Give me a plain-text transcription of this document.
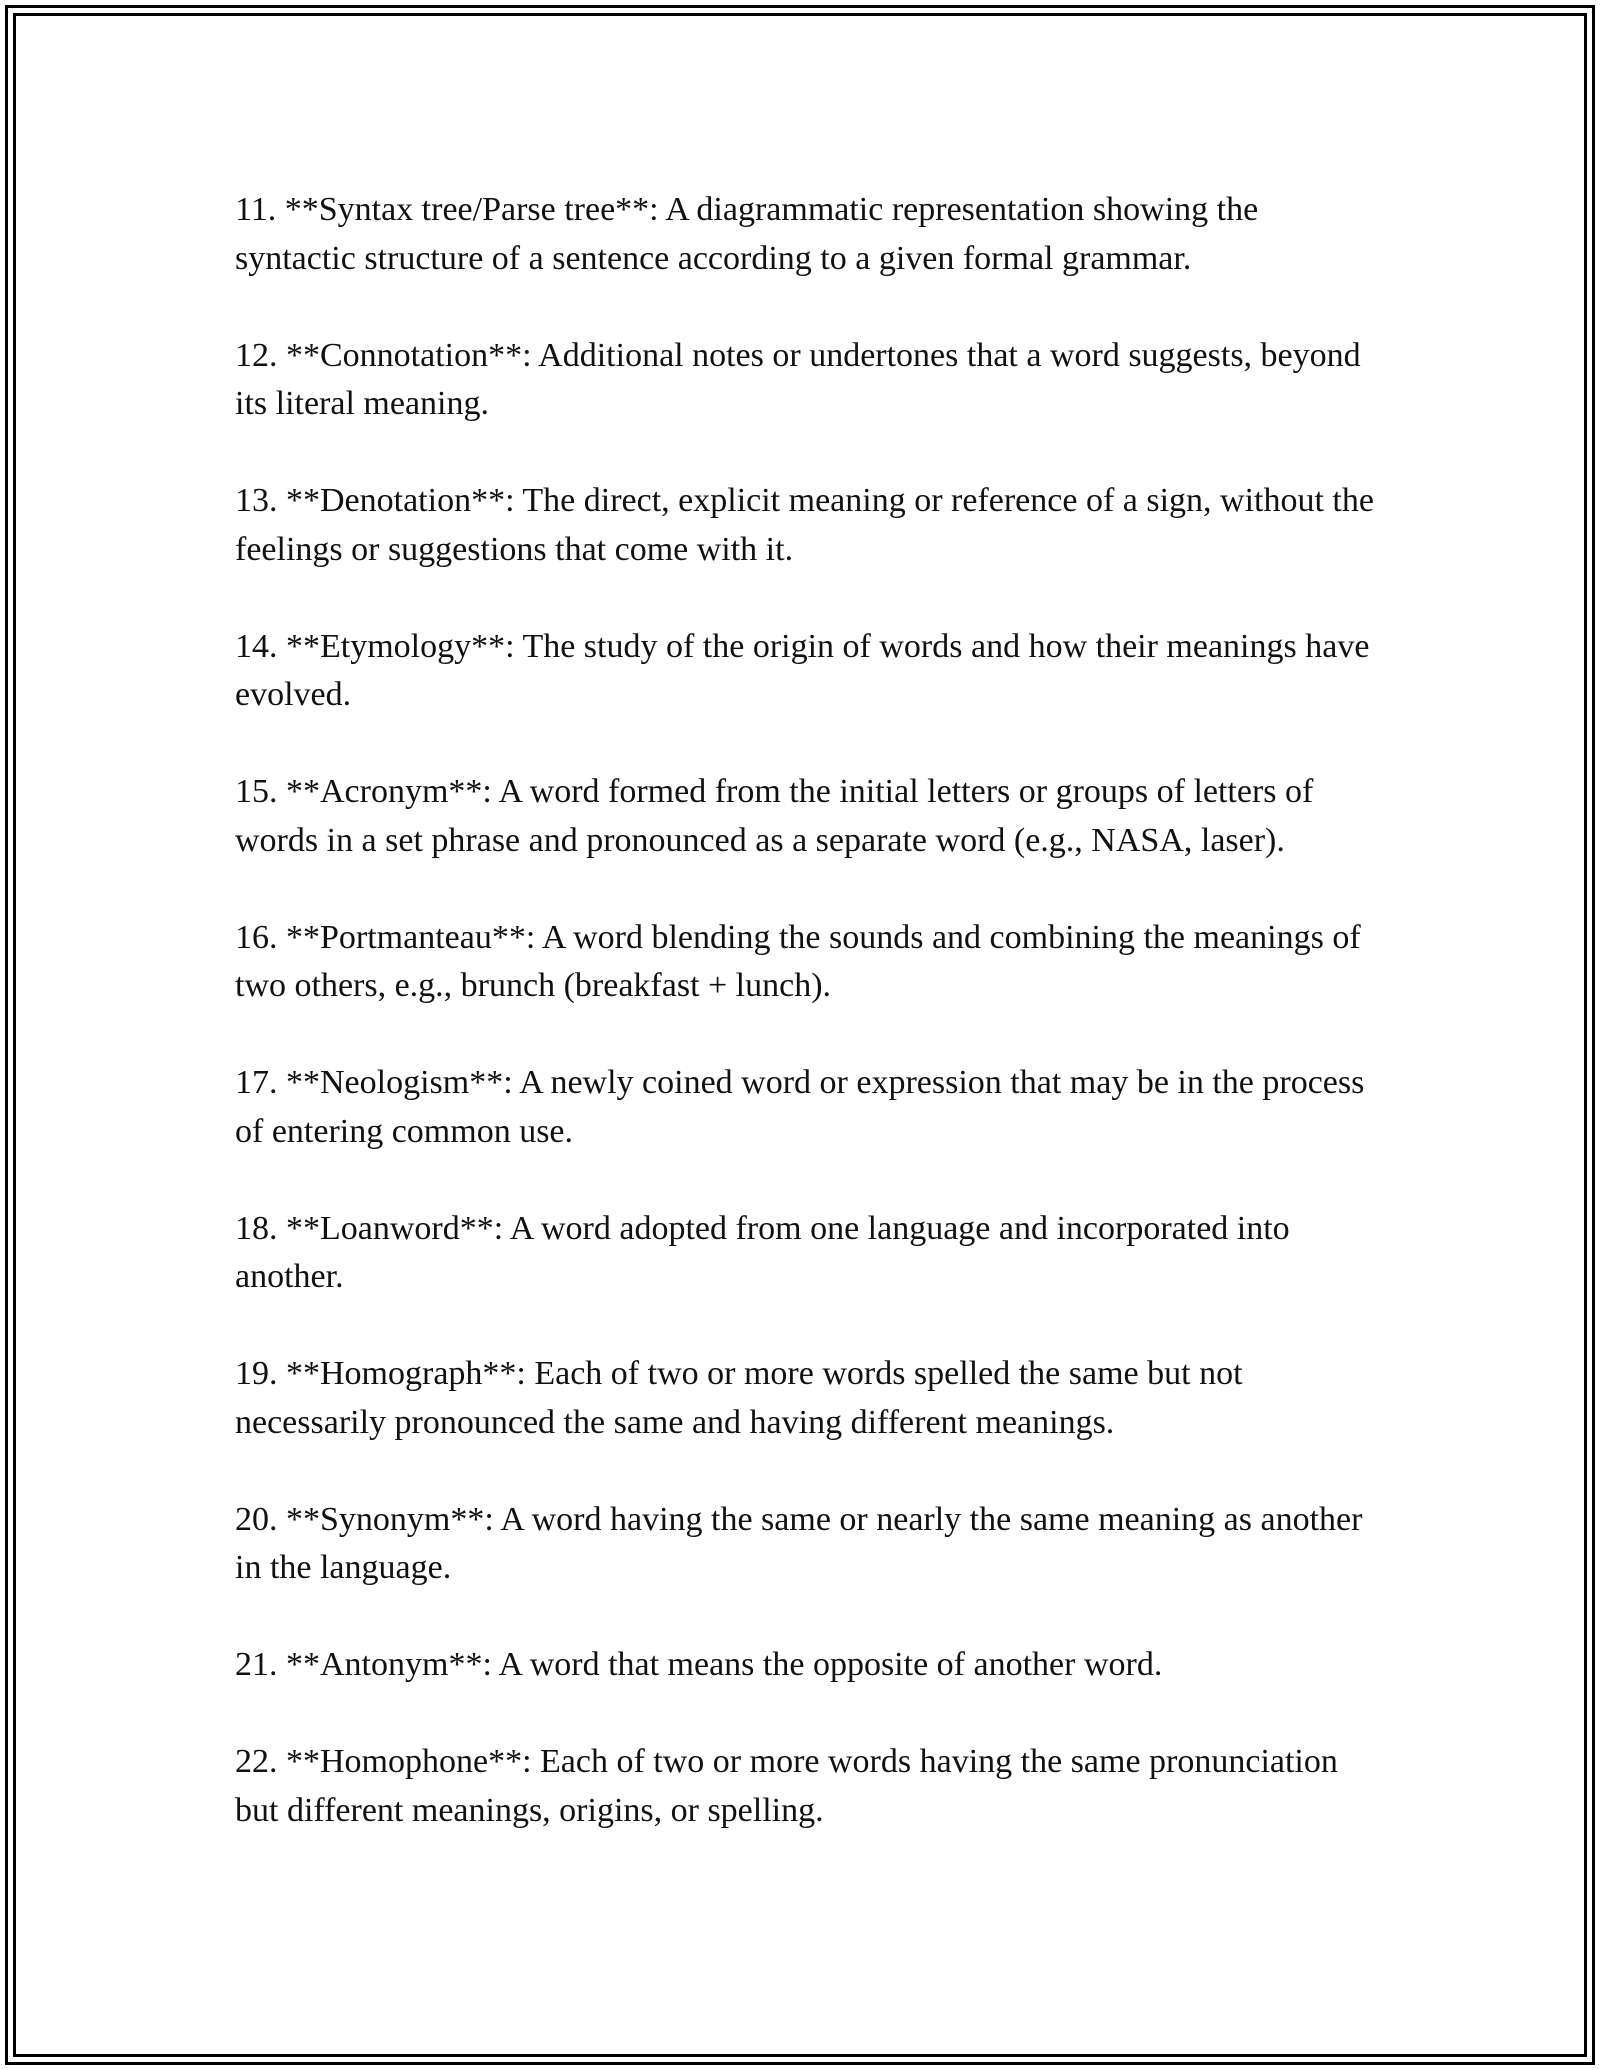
11. **Syntax tree/Parse tree**: A diagrammatic representation showing the syntactic structure of a sentence according to a given formal grammar.

12. **Connotation**: Additional notes or undertones that a word suggests, beyond its literal meaning.

13. **Denotation**: The direct, explicit meaning or reference of a sign, without the feelings or suggestions that come with it.

14. **Etymology**: The study of the origin of words and how their meanings have evolved.

15. **Acronym**: A word formed from the initial letters or groups of letters of words in a set phrase and pronounced as a separate word (e.g., NASA, laser).

16. **Portmanteau**: A word blending the sounds and combining the meanings of two others, e.g., brunch (breakfast + lunch).

17. **Neologism**: A newly coined word or expression that may be in the process of entering common use.

18. **Loanword**: A word adopted from one language and incorporated into another.

19. **Homograph**: Each of two or more words spelled the same but not necessarily pronounced the same and having different meanings.

20. **Synonym**: A word having the same or nearly the same meaning as another in the language.

21. **Antonym**: A word that means the opposite of another word.

22. **Homophone**: Each of two or more words having the same pronunciation but different meanings, origins, or spelling.
